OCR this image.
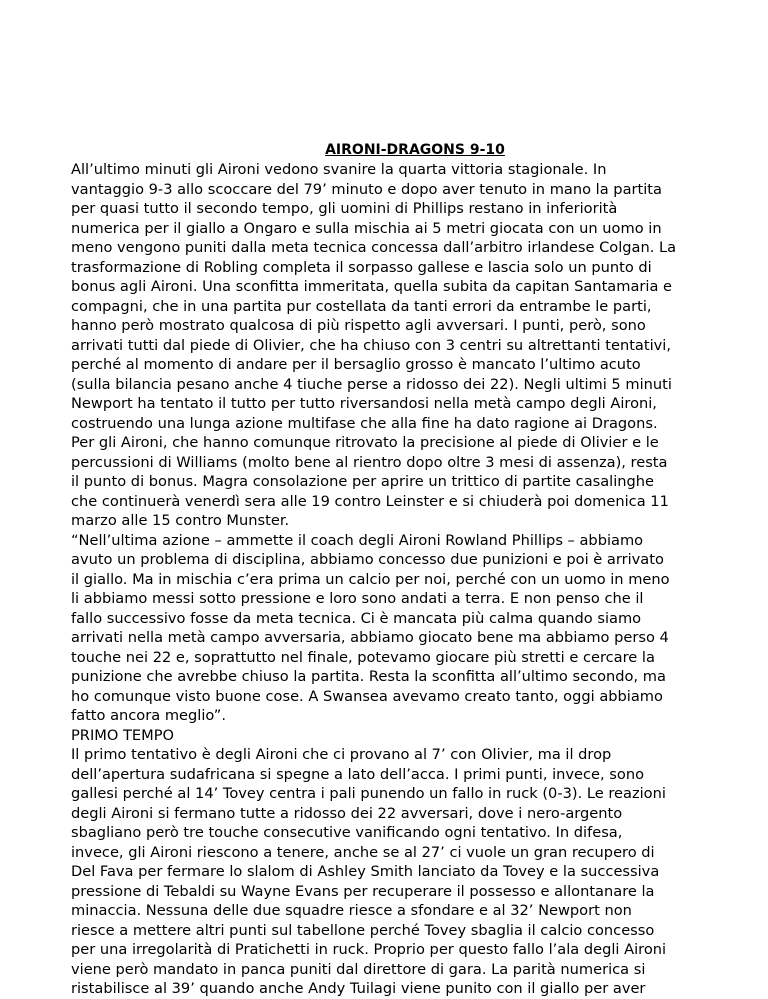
AIRONI-DRAGONS 9-10
All’ultimo minuti gli Aironi vedono svanire la quarta vittoria stagionale. In
vantaggio 9-3 allo scoccare del 79’ minuto e dopo aver tenuto in mano la partita
per quasi tutto il secondo tempo, gli uomini di Phillips restano in inferiorità
numerica per il giallo a Ongaro e sulla mischia ai 5 metri giocata con un uomo in
meno vengono puniti dalla meta tecnica concessa dall’arbitro irlandese Colgan. La
trasformazione di Robling completa il sorpasso gallese e lascia solo un punto di
bonus agli Aironi. Una sconfitta immeritata, quella subita da capitan Santamaria e
compagni, che in una partita pur costellata da tanti errori da entrambe le parti,
hanno però mostrato qualcosa di più rispetto agli avversari. I punti, però, sono
arrivati tutti dal piede di Olivier, che ha chiuso con 3 centri su altrettanti tentativi,
perché al momento di andare per il bersaglio grosso è mancato l’ultimo acuto
(sulla bilancia pesano anche 4 tiuche perse a ridosso dei 22). Negli ultimi 5 minuti
Newport ha tentato il tutto per tutto riversandosi nella metà campo degli Aironi,
costruendo una lunga azione multifase che alla fine ha dato ragione ai Dragons.
Per gli Aironi, che hanno comunque ritrovato la precisione al piede di Olivier e le
percussioni di Williams (molto bene al rientro dopo oltre 3 mesi di assenza), resta
il punto di bonus. Magra consolazione per aprire un trittico di partite casalinghe
che continuerà venerdì sera alle 19 contro Leinster e si chiuderà poi domenica 11
marzo alle 15 contro Munster.
“Nell’ultima azione – ammette il coach degli Aironi Rowland Phillips – abbiamo
avuto un problema di disciplina, abbiamo concesso due punizioni e poi è arrivato
il giallo. Ma in mischia c’era prima un calcio per noi, perché con un uomo in meno
li abbiamo messi sotto pressione e loro sono andati a terra. E non penso che il
fallo successivo fosse da meta tecnica. Ci è mancata più calma quando siamo
arrivati nella metà campo avversaria, abbiamo giocato bene ma abbiamo perso 4
touche nei 22 e, soprattutto nel finale, potevamo giocare più stretti e cercare la
punizione che avrebbe chiuso la partita. Resta la sconfitta all’ultimo secondo, ma
ho comunque visto buone cose. A Swansea avevamo creato tanto, oggi abbiamo
fatto ancora meglio”.
PRIMO TEMPO
Il primo tentativo è degli Aironi che ci provano al 7’ con Olivier, ma il drop
dell’apertura sudafricana si spegne a lato dell’acca. I primi punti, invece, sono
gallesi perché al 14’ Tovey centra i pali punendo un fallo in ruck (0-3). Le reazioni
degli Aironi si fermano tutte a ridosso dei 22 avversari, dove i nero-argento
sbagliano però tre touche consecutive vanificando ogni tentativo. In difesa,
invece, gli Aironi riescono a tenere, anche se al 27’ ci vuole un gran recupero di
Del Fava per fermare lo slalom di Ashley Smith lanciato da Tovey e la successiva
pressione di Tebaldi su Wayne Evans per recuperare il possesso e allontanare la
minaccia. Nessuna delle due squadre riesce a sfondare e al 32’ Newport non
riesce a mettere altri punti sul tabellone perché Tovey sbaglia il calcio concesso
per una irregolarità di Pratichetti in ruck. Proprio per questo fallo l’ala degli Aironi
viene però mandato in panca puniti dal direttore di gara. La parità numerica si
ristabilisce al 39’ quando anche Andy Tuilagi viene punito con il giallo per aver
